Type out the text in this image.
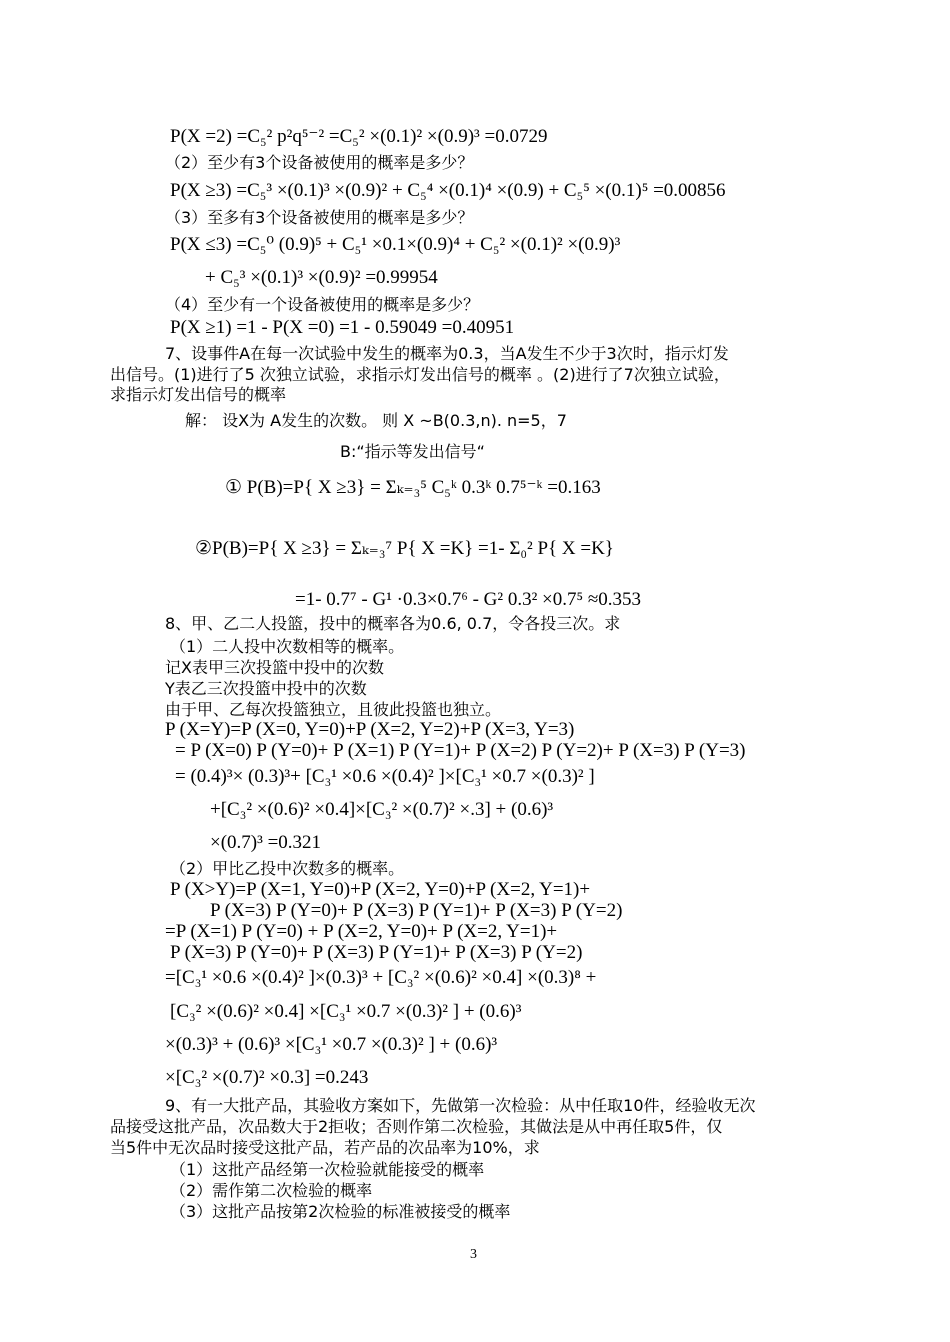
P(X =2) =C₅² p²q⁵⁻² =C₅² ×(0.1)² ×(0.9)³ =0.0729
（2）至少有3个设备被使用的概率是多少？
P(X ≥3) =C₅³ ×(0.1)³ ×(0.9)² + C₅⁴ ×(0.1)⁴ ×(0.9) + C₅⁵ ×(0.1)⁵ =0.00856
（3）至多有3个设备被使用的概率是多少？
P(X ≤3) =C₅⁰ (0.9)⁵ + C₅¹ ×0.1×(0.9)⁴ + C₅² ×(0.1)² ×(0.9)³
+ C₅³ ×(0.1)³ ×(0.9)² =0.99954
（4）至少有一个设备被使用的概率是多少？
P(X ≥1) =1 - P(X =0) =1 - 0.59049 =0.40951
7、设事件A在每一次试验中发生的概率为0.3，当A发生不少于3次时，指示灯发
出信号。(1)进行了5 次独立试验，求指示灯发出信号的概率 。(2)进行了7次独立试验，
求指示灯发出信号的概率
解： 设X为 A发生的次数。 则 X ~B(0.3,n). n=5，7
B:“指示等发出信号“
① P(B)=P{ X ≥3} = Σₖ₌₃⁵ C₅ᵏ 0.3ᵏ 0.7⁵⁻ᵏ =0.163
②P(B)=P{ X ≥3} = Σₖ₌₃⁷ P{ X =K} =1- Σ₀² P{ X =K}
=1- 0.7⁷ - G¹ ·0.3×0.7⁶ - G² 0.3² ×0.7⁵ ≈0.353
8、甲、乙二人投篮，投中的概率各为0.6, 0.7，令各投三次。求
（1）二人投中次数相等的概率。
记X表甲三次投篮中投中的次数
Y表乙三次投篮中投中的次数
由于甲、乙每次投篮独立，且彼此投篮也独立。
P (X=Y)=P (X=0, Y=0)+P (X=2, Y=2)+P (X=3, Y=3)
= P (X=0) P (Y=0)+ P (X=1) P (Y=1)+ P (X=2) P (Y=2)+ P (X=3) P (Y=3)
= (0.4)³× (0.3)³+ [C₃¹ ×0.6 ×(0.4)² ]×[C₃¹ ×0.7 ×(0.3)² ]
+[C₃² ×(0.6)² ×0.4]×[C₃² ×(0.7)² ×.3] + (0.6)³
×(0.7)³ =0.321
（2）甲比乙投中次数多的概率。
P (X>Y)=P (X=1, Y=0)+P (X=2, Y=0)+P (X=2, Y=1)+
P (X=3) P (Y=0)+ P (X=3) P (Y=1)+ P (X=3) P (Y=2)
=P (X=1) P (Y=0) + P (X=2, Y=0)+ P (X=2, Y=1)+
P (X=3) P (Y=0)+ P (X=3) P (Y=1)+ P (X=3) P (Y=2)
=[C₃¹ ×0.6 ×(0.4)² ]×(0.3)³ + [C₃² ×(0.6)² ×0.4] ×(0.3)⁸ +
[C₃² ×(0.6)² ×0.4] ×[C₃¹ ×0.7 ×(0.3)² ] + (0.6)³
×(0.3)³ + (0.6)³ ×[C₃¹ ×0.7 ×(0.3)² ] + (0.6)³
×[C₃² ×(0.7)² ×0.3] =0.243
9、有一大批产品，其验收方案如下，先做第一次检验：从中任取10件，经验收无次
品接受这批产品，次品数大于2拒收；否则作第二次检验，其做法是从中再任取5件，仅
当5件中无次品时接受这批产品，若产品的次品率为10%，求
（1）这批产品经第一次检验就能接受的概率
（2）需作第二次检验的概率
（3）这批产品按第2次检验的标准被接受的概率
3
